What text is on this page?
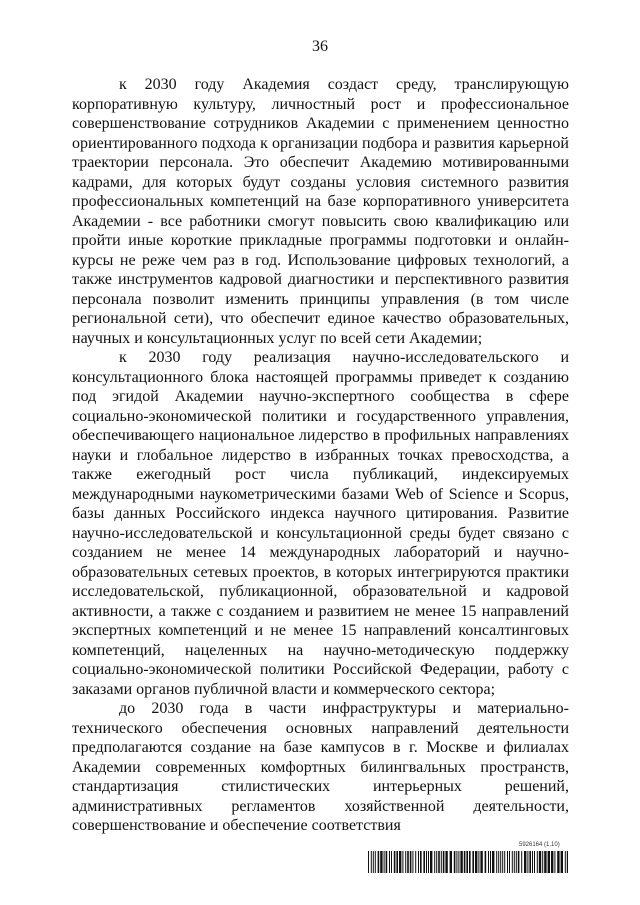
36

к 2030 году Академия создаст среду, транслирующую корпоративную культуру, личностный рост и профессиональное совершенствование сотрудников Академии с применением ценностно ориентированного подхода к организации подбора и развития карьерной траектории персонала. Это обеспечит Академию мотивированными кадрами, для которых будут созданы условия системного развития профессиональных компетенций на базе корпоративного университета Академии - все работники смогут повысить свою квалификацию или пройти иные короткие прикладные программы подготовки и онлайн-курсы не реже чем раз в год. Использование цифровых технологий, а также инструментов кадровой диагностики и перспективного развития персонала позволит изменить принципы управления (в том числе региональной сети), что обеспечит единое качество образовательных, научных и консультационных услуг по всей сети Академии;

к 2030 году реализация научно-исследовательского и консультационного блока настоящей программы приведет к созданию под эгидой Академии научно-экспертного сообщества в сфере социально-экономической политики и государственного управления, обеспечивающего национальное лидерство в профильных направлениях науки и глобальное лидерство в избранных точках превосходства, а также ежегодный рост числа публикаций, индексируемых международными наукометрическими базами Web of Science и Scopus, базы данных Российского индекса научного цитирования. Развитие научно-исследовательской и консультационной среды будет связано с созданием не менее 14 международных лабораторий и научно-образовательных сетевых проектов, в которых интегрируются практики исследовательской, публикационной, образовательной и кадровой активности, а также с созданием и развитием не менее 15 направлений экспертных компетенций и не менее 15 направлений консалтинговых компетенций, нацеленных на научно-методическую поддержку социально-экономической политики Российской Федерации, работу с заказами органов публичной власти и коммерческого сектора;

до 2030 года в части инфраструктуры и материально-технического обеспечения основных направлений деятельности предполагаются создание на базе кампусов в г. Москве и филиалах Академии современных комфортных билингвальных пространств, стандартизация стилистических интерьерных решений, административных регламентов хозяйственной деятельности, совершенствование и обеспечение соответствия

5926164 (1.10)
